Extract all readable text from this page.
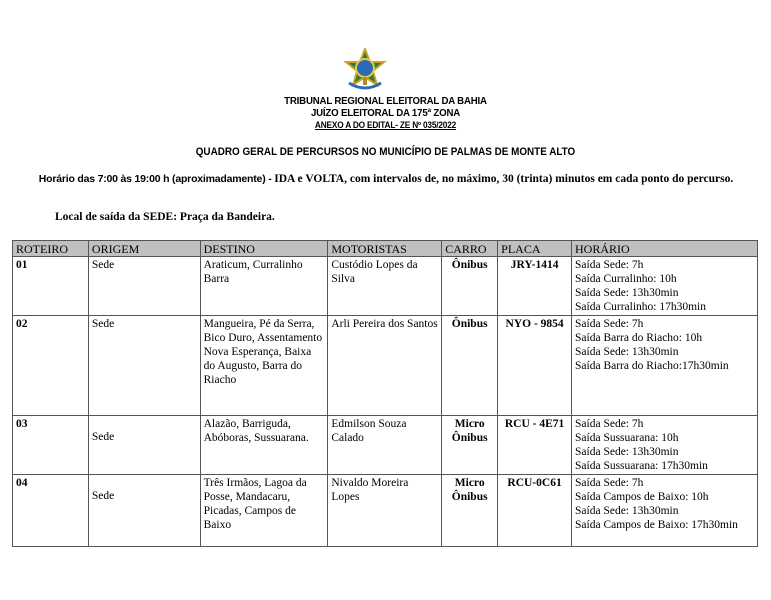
TRIBUNAL REGIONAL ELEITORAL DA BAHIA
JUÍZO ELEITORAL DA 175ª ZONA
ANEXO A DO EDITAL- ZE Nº 035/2022
QUADRO GERAL DE PERCURSOS NO MUNICÍPIO DE PALMAS DE MONTE ALTO
Horário das 7:00 às 19:00 h (aproximadamente) - IDA e VOLTA, com intervalos de, no máximo, 30 (trinta) minutos em cada ponto do percurso.
Local de saída da SEDE: Praça da Bandeira.
ROTEIRO	ORIGEM	DESTINO	MOTORISTAS	CARRO	PLACA	HORÁRIO
01	Sede	Araticum, Curralinho Barra	Custódio Lopes da Silva	Ônibus	JRY-1414	Saída Sede: 7h
Saída Curralinho: 10h
Saída Sede: 13h30min
Saída Curralinho: 17h30min

02	Sede	Mangueira, Pé da Serra, Bico Duro, Assentamento Nova Esperança, Baixa do Augusto, Barra do Riacho	Arli Pereira dos Santos	Ônibus	NYO - 9854	Saída Sede: 7h
Saída Barra do Riacho: 10h
Saída Sede: 13h30min
Saída Barra do Riacho:17h30min

03	Sede	Alazão, Barriguda, Abóboras, Sussuarana.	Edmilson Souza Calado	Micro Ônibus	RCU - 4E71	Saída Sede: 7h
Saída Sussuarana: 10h
Saída Sede: 13h30min
Saída Sussuarana: 17h30min

04	Sede	Três Irmãos, Lagoa da Posse, Mandacaru, Picadas, Campos de Baixo	Nivaldo Moreira Lopes	Micro Ônibus	RCU-0C61	Saída Sede: 7h
Saída Campos de Baixo: 10h
Saída Sede: 13h30min
Saída Campos de Baixo: 17h30min
